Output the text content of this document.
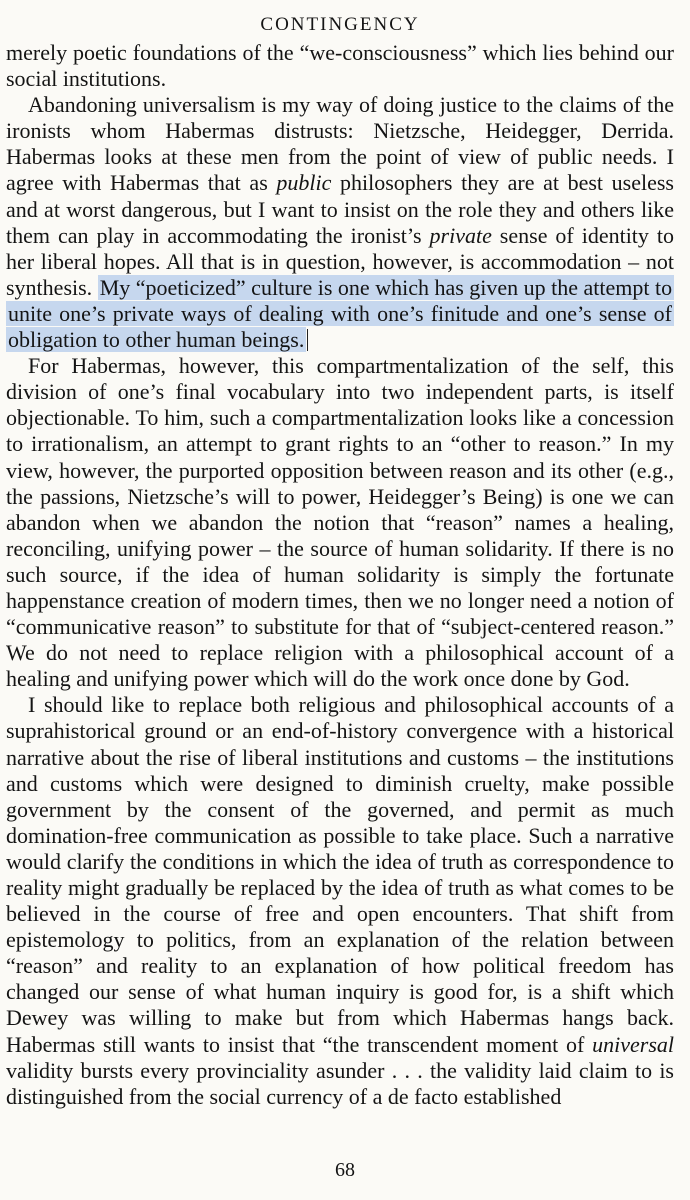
CONTINGENCY

merely poetic foundations of the “we-consciousness” which lies behind our social institutions.

Abandoning universalism is my way of doing justice to the claims of the ironists whom Habermas distrusts: Nietzsche, Heidegger, Derrida. Habermas looks at these men from the point of view of public needs. I agree with Habermas that as public philosophers they are at best useless and at worst dangerous, but I want to insist on the role they and others like them can play in accommodating the ironist’s private sense of identity to her liberal hopes. All that is in question, however, is accommodation – not synthesis. My “poeticized” culture is one which has given up the attempt to unite one’s private ways of dealing with one’s finitude and one’s sense of obligation to other human beings.

For Habermas, however, this compartmentalization of the self, this division of one’s final vocabulary into two independent parts, is itself objectionable. To him, such a compartmentalization looks like a concession to irrationalism, an attempt to grant rights to an “other to reason.” In my view, however, the purported opposition between reason and its other (e.g., the passions, Nietzsche’s will to power, Heidegger’s Being) is one we can abandon when we abandon the notion that “reason” names a healing, reconciling, unifying power – the source of human solidarity. If there is no such source, if the idea of human solidarity is simply the fortunate happenstance creation of modern times, then we no longer need a notion of “communicative reason” to substitute for that of “subject-centered reason.” We do not need to replace religion with a philosophical account of a healing and unifying power which will do the work once done by God.

I should like to replace both religious and philosophical accounts of a suprahistorical ground or an end-of-history convergence with a historical narrative about the rise of liberal institutions and customs – the institutions and customs which were designed to diminish cruelty, make possible government by the consent of the governed, and permit as much domination-free communication as possible to take place. Such a narrative would clarify the conditions in which the idea of truth as correspondence to reality might gradually be replaced by the idea of truth as what comes to be believed in the course of free and open encounters. That shift from epistemology to politics, from an explanation of the relation between “reason” and reality to an explanation of how political freedom has changed our sense of what human inquiry is good for, is a shift which Dewey was willing to make but from which Habermas hangs back. Habermas still wants to insist that “the transcendent moment of universal validity bursts every provinciality asunder . . . the validity laid claim to is distinguished from the social currency of a de facto established

68
